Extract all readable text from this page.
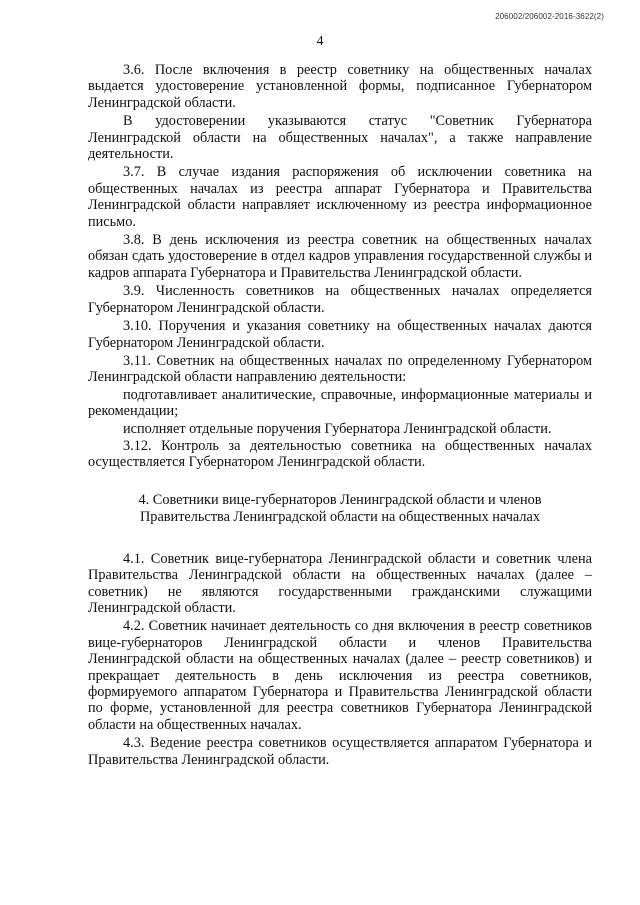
206002/206002-2016-3622(2)
4

3.6. После включения в реестр советнику на общественных началах выдается удостоверение установленной формы, подписанное Губернатором Ленинградской области.

В удостоверении указываются статус "Советник Губернатора Ленинградской области на общественных началах", а также направление деятельности.

3.7. В случае издания распоряжения об исключении советника на общественных началах из реестра аппарат Губернатора и Правительства Ленинградской области направляет исключенному из реестра информационное письмо.

3.8. В день исключения из реестра советник на общественных началах обязан сдать удостоверение в отдел кадров управления государственной службы и кадров аппарата Губернатора и Правительства Ленинградской области.

3.9. Численность советников на общественных началах определяется Губернатором Ленинградской области.

3.10. Поручения и указания советнику на общественных началах даются Губернатором Ленинградской области.

3.11. Советник на общественных началах по определенному Губернатором Ленинградской области направлению деятельности:

подготавливает аналитические, справочные, информационные материалы и рекомендации;

исполняет отдельные поручения Губернатора Ленинградской области.

3.12. Контроль за деятельностью советника на общественных началах осуществляется Губернатором Ленинградской области.

4. Советники вице-губернаторов Ленинградской области и членов
Правительства Ленинградской области на общественных началах

4.1. Советник вице-губернатора Ленинградской области и советник члена Правительства Ленинградской области на общественных началах (далее – советник) не являются государственными гражданскими служащими Ленинградской области.

4.2. Советник начинает деятельность со дня включения в реестр советников вице-губернаторов Ленинградской области и членов Правительства Ленинградской области на общественных началах (далее – реестр советников) и прекращает деятельность в день исключения из реестра советников, формируемого аппаратом Губернатора и Правительства Ленинградской области по форме, установленной для реестра советников Губернатора Ленинградской области на общественных началах.

4.3. Ведение реестра советников осуществляется аппаратом Губернатора и Правительства Ленинградской области.
